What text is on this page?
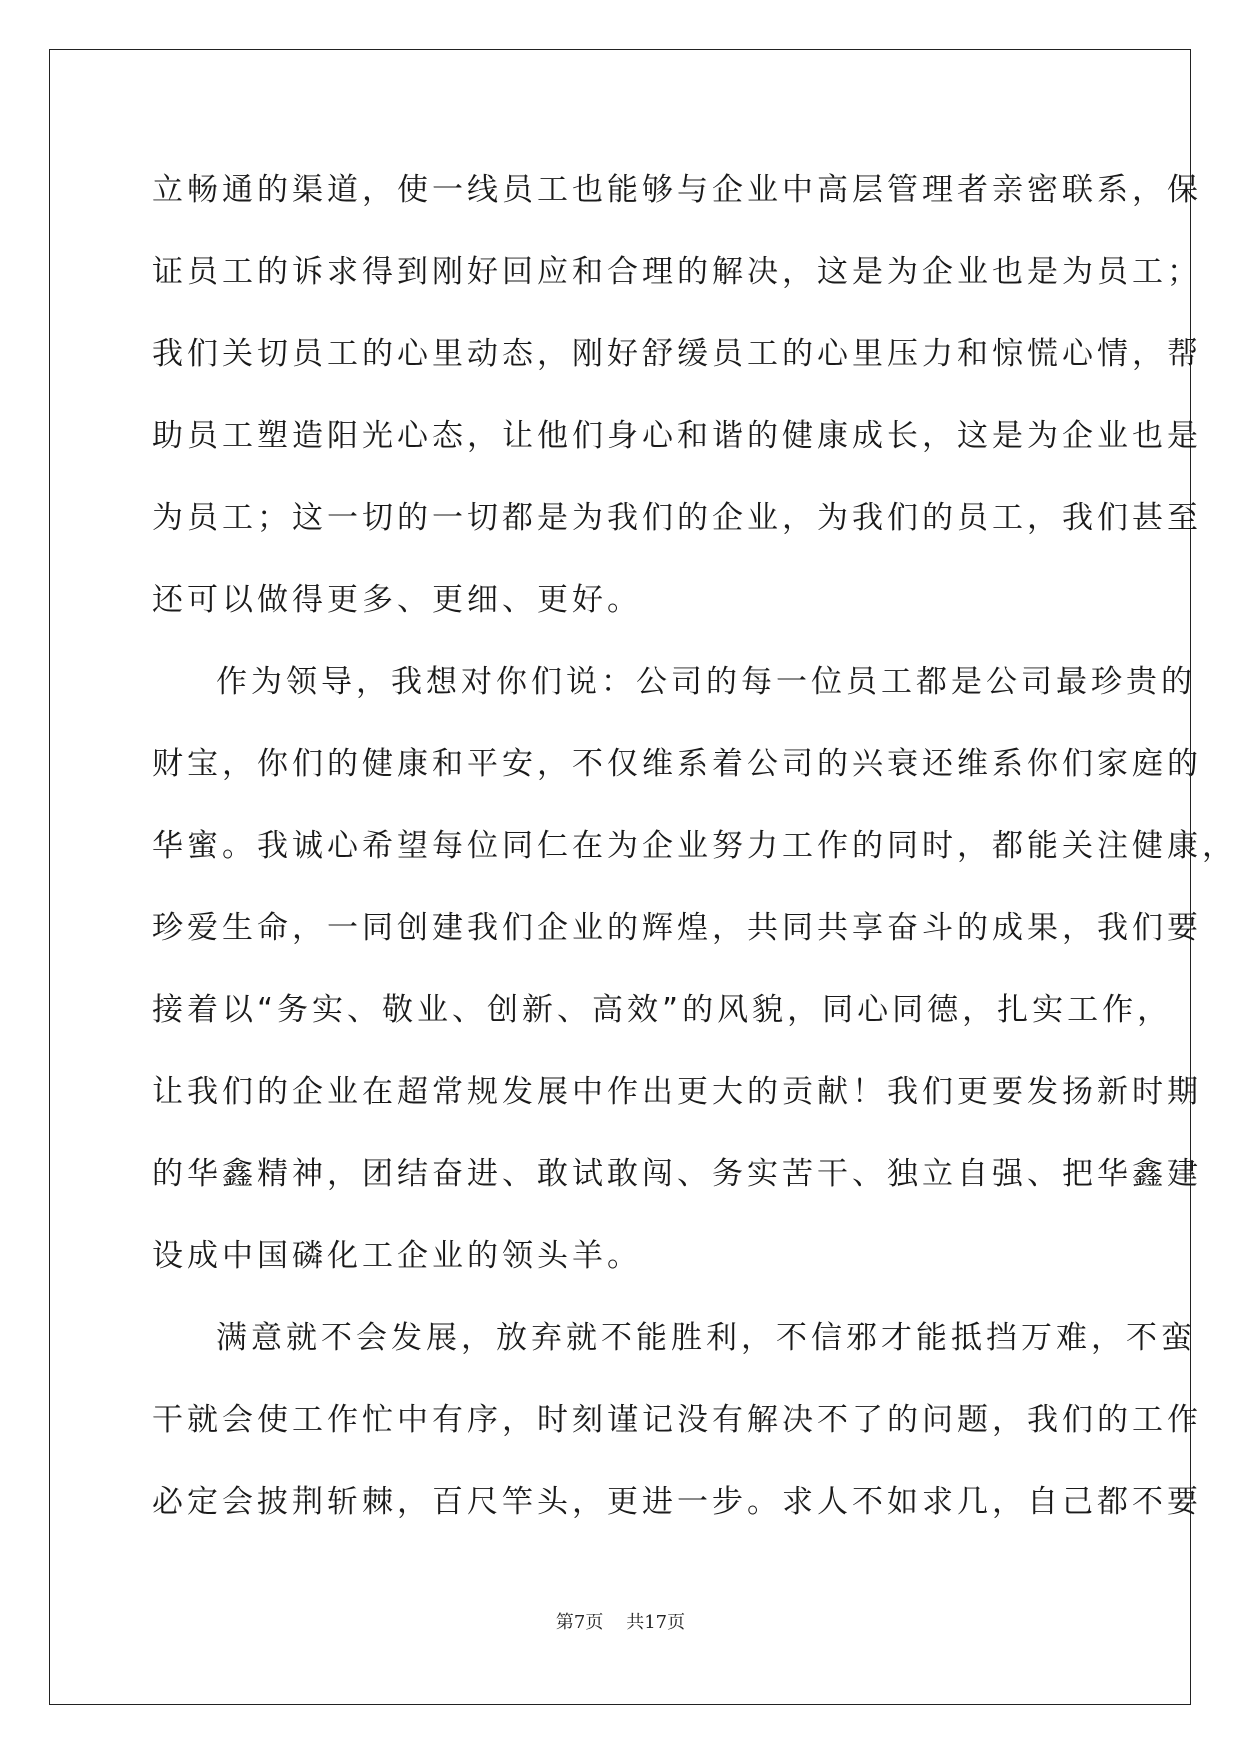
立畅通的渠道，使一线员工也能够与企业中高层管理者亲密联系，保
证员工的诉求得到刚好回应和合理的解决，这是为企业也是为员工；
我们关切员工的心里动态，刚好舒缓员工的心里压力和惊慌心情，帮
助员工塑造阳光心态，让他们身心和谐的健康成长，这是为企业也是
为员工；这一切的一切都是为我们的企业，为我们的员工，我们甚至
还可以做得更多、更细、更好。
作为领导，我想对你们说：公司的每一位员工都是公司最珍贵的
财宝，你们的健康和平安，不仅维系着公司的兴衰还维系你们家庭的
华蜜。我诚心希望每位同仁在为企业努力工作的同时，都能关注健康，
珍爱生命，一同创建我们企业的辉煌，共同共享奋斗的成果，我们要
接着以“务实、敬业、创新、高效”的风貌，同心同德，扎实工作，
让我们的企业在超常规发展中作出更大的贡献！我们更要发扬新时期
的华鑫精神，团结奋进、敢试敢闯、务实苦干、独立自强、把华鑫建
设成中国磷化工企业的领头羊。
满意就不会发展，放弃就不能胜利，不信邪才能抵挡万难，不蛮
干就会使工作忙中有序，时刻谨记没有解决不了的问题，我们的工作
必定会披荆斩棘，百尺竿头，更进一步。求人不如求几，自己都不要
第7页 共17页
